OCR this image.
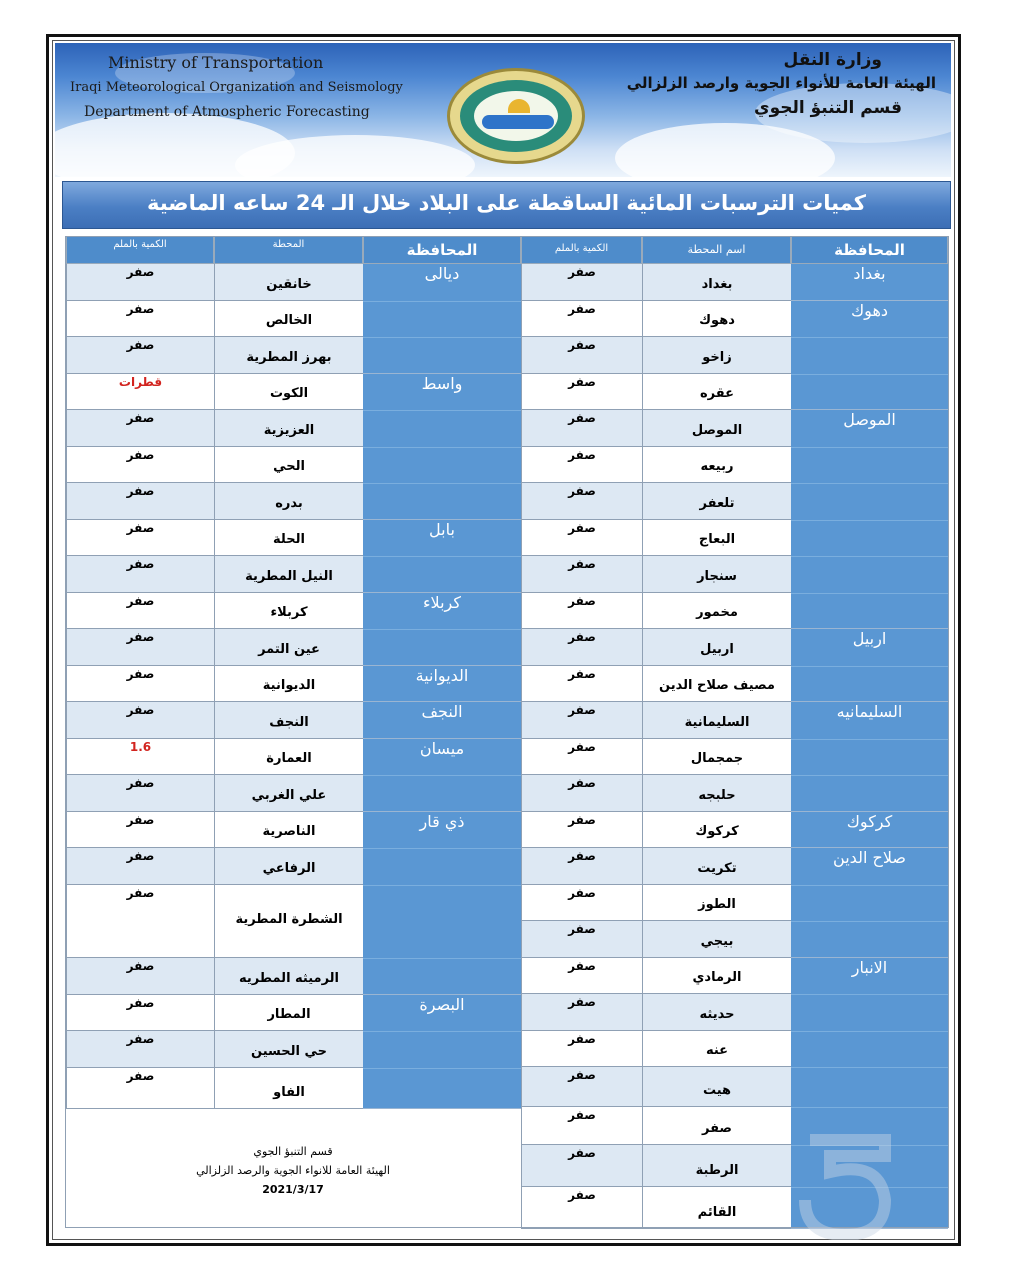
Ministry of Transportation
Iraqi Meteorological Organization and Seismology
Department of Atmospheric Forecasting
وزارة النقل
الهيئة العامة للأنواء الجوية وارصد الزلزالي
قسم التنبؤ الجوي
كميات الترسبات المائية الساقطة على البلاد خلال الـ 24 ساعه الماضية
المحافظة
اسم المحطة
الكمية بالملم
المحافظة
المحطة
الكمية بالملم
بغداد
صفر
دهوك
صفر
زاخو
صفر
عقره
صفر
الموصل
صفر
ربيعه
صفر
تلعفر
صفر
البعاج
صفر
سنجار
صفر
مخمور
صفر
اربيل
صفر
مصيف صلاح الدين
صفر
السليمانية
صفر
جمجمال
صفر
حلبجه
صفر
كركوك
صفر
تكريت
صفر
الطوز
صفر
بيجي
صفر
الرمادي
صفر
حديثه
صفر
عنه
صفر
هيت
صفر
صفر
صفر
الرطبة
صفر
القائم
صفر
بغداد
دهوك
الموصل
اربيل
السليمانيه
كركوك
صلاح الدين
الانبار
خانقين
صفر
الخالص
صفر
بهرز المطرية
صفر
الكوت
قطرات
العزيزية
صفر
الحي
صفر
بدره
صفر
الحلة
صفر
النيل المطرية
صفر
كربلاء
صفر
عين التمر
صفر
الديوانية
صفر
النجف
صفر
العمارة
1.6
علي الغربي
صفر
الناصرية
صفر
الرفاعي
صفر
الشطرة المطرية
صفر
الرميثه المطريه
صفر
المطار
صفر
حي الحسين
صفر
الفاو
صفر
ديالى
واسط
بابل
كربلاء
الديوانية
النجف
ميسان
ذي قار
البصرة
قسم التنبؤ الجوي
الهيئة العامة للانواء الجوية والرصد الزلزالي
2021/3/17
